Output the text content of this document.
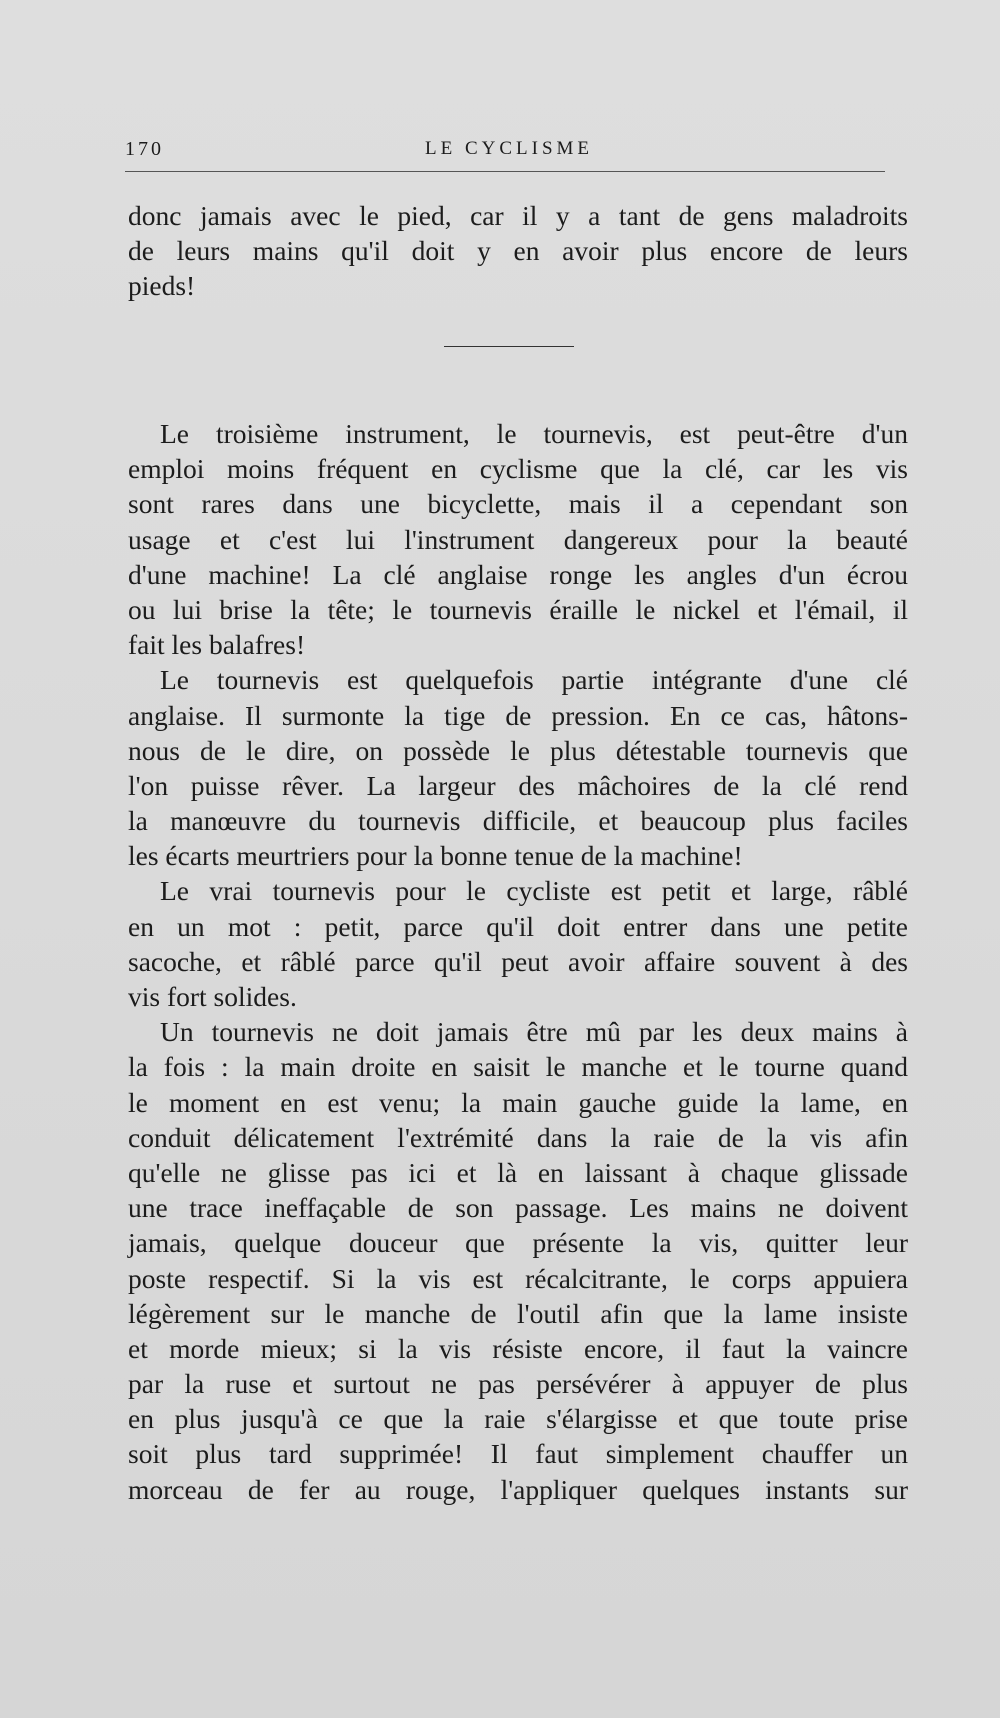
170	LE CYCLISME
donc jamais avec le pied, car il y a tant de gens maladroits
de leurs mains qu'il doit y en avoir plus encore de leurs
pieds!
Le troisième instrument, le tournevis, est peut-être d'un
emploi moins fréquent en cyclisme que la clé, car les vis
sont rares dans une bicyclette, mais il a cependant son
usage et c'est lui l'instrument dangereux pour la beauté
d'une machine! La clé anglaise ronge les angles d'un écrou
ou lui brise la tête; le tournevis éraille le nickel et l'émail, il
fait les balafres!
Le tournevis est quelquefois partie intégrante d'une clé
anglaise. Il surmonte la tige de pression. En ce cas, hâtons-
nous de le dire, on possède le plus détestable tournevis que
l'on puisse rêver. La largeur des mâchoires de la clé rend
la manœuvre du tournevis difficile, et beaucoup plus faciles
les écarts meurtriers pour la bonne tenue de la machine!
Le vrai tournevis pour le cycliste est petit et large, râblé
en un mot : petit, parce qu'il doit entrer dans une petite
sacoche, et râblé parce qu'il peut avoir affaire souvent à des
vis fort solides.
Un tournevis ne doit jamais être mû par les deux mains à
la fois : la main droite en saisit le manche et le tourne quand
le moment en est venu; la main gauche guide la lame, en
conduit délicatement l'extrémité dans la raie de la vis afin
qu'elle ne glisse pas ici et là en laissant à chaque glissade
une trace ineffaçable de son passage. Les mains ne doivent
jamais, quelque douceur que présente la vis, quitter leur
poste respectif. Si la vis est récalcitrante, le corps appuiera
légèrement sur le manche de l'outil afin que la lame insiste
et morde mieux; si la vis résiste encore, il faut la vaincre
par la ruse et surtout ne pas persévérer à appuyer de plus
en plus jusqu'à ce que la raie s'élargisse et que toute prise
soit plus tard supprimée! Il faut simplement chauffer un
morceau de fer au rouge, l'appliquer quelques instants sur
